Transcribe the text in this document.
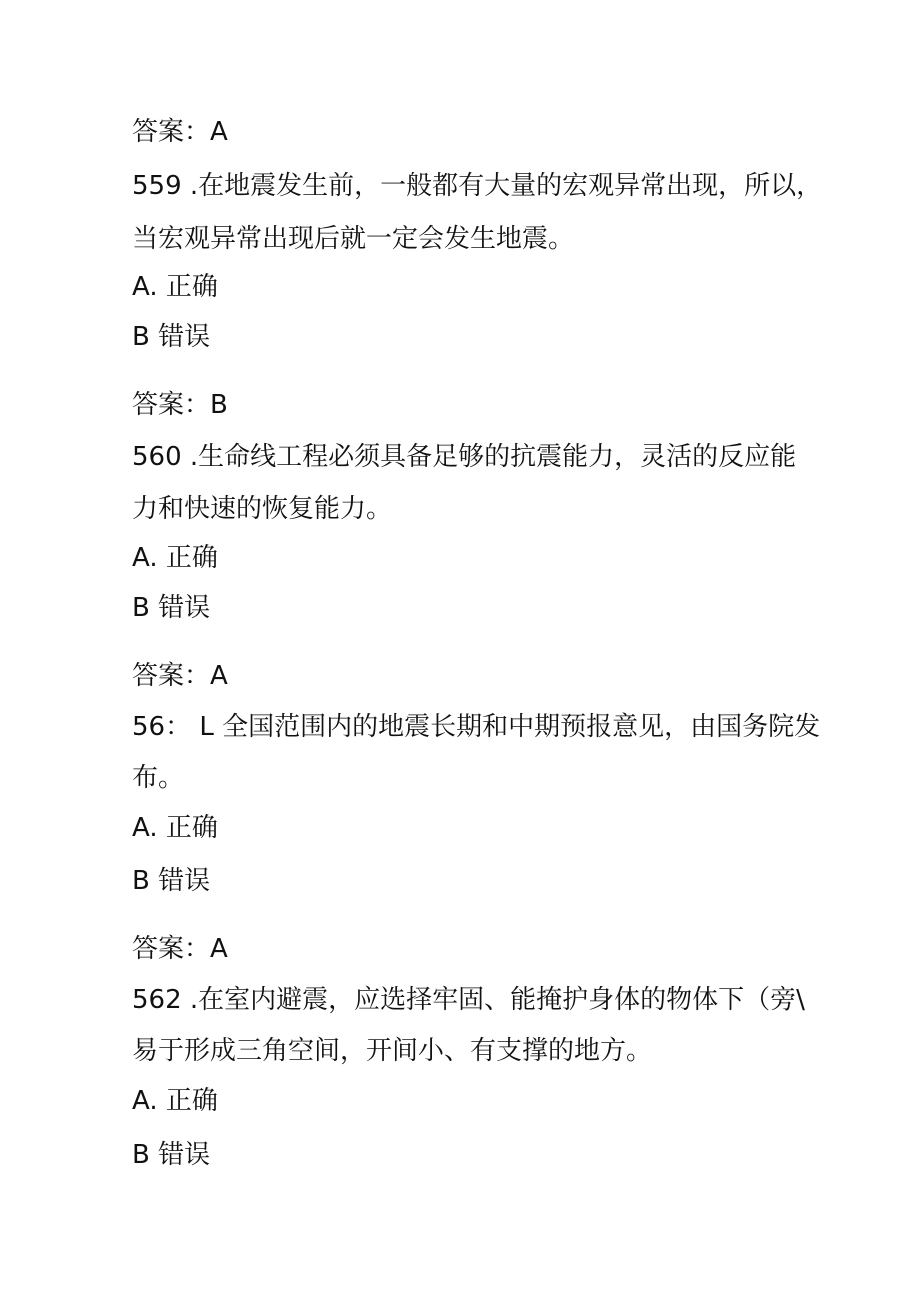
答案：A

559 .在地震发生前，一般都有大量的宏观异常出现，所以，

当宏观异常出现后就一定会发生地震。

A. 正确

B 错误

答案：B

560 .生命线工程必须具备足够的抗震能力，灵活的反应能

力和快速的恢复能力。

A. 正确

B 错误

答案：A

56： L 全国范围内的地震长期和中期预报意见，由国务院发

布。

A. 正确

B 错误

答案：A

562 .在室内避震，应选择牢固、能掩护身体的物体下（旁\

易于形成三角空间，开间小、有支撑的地方。

A. 正确

B 错误
